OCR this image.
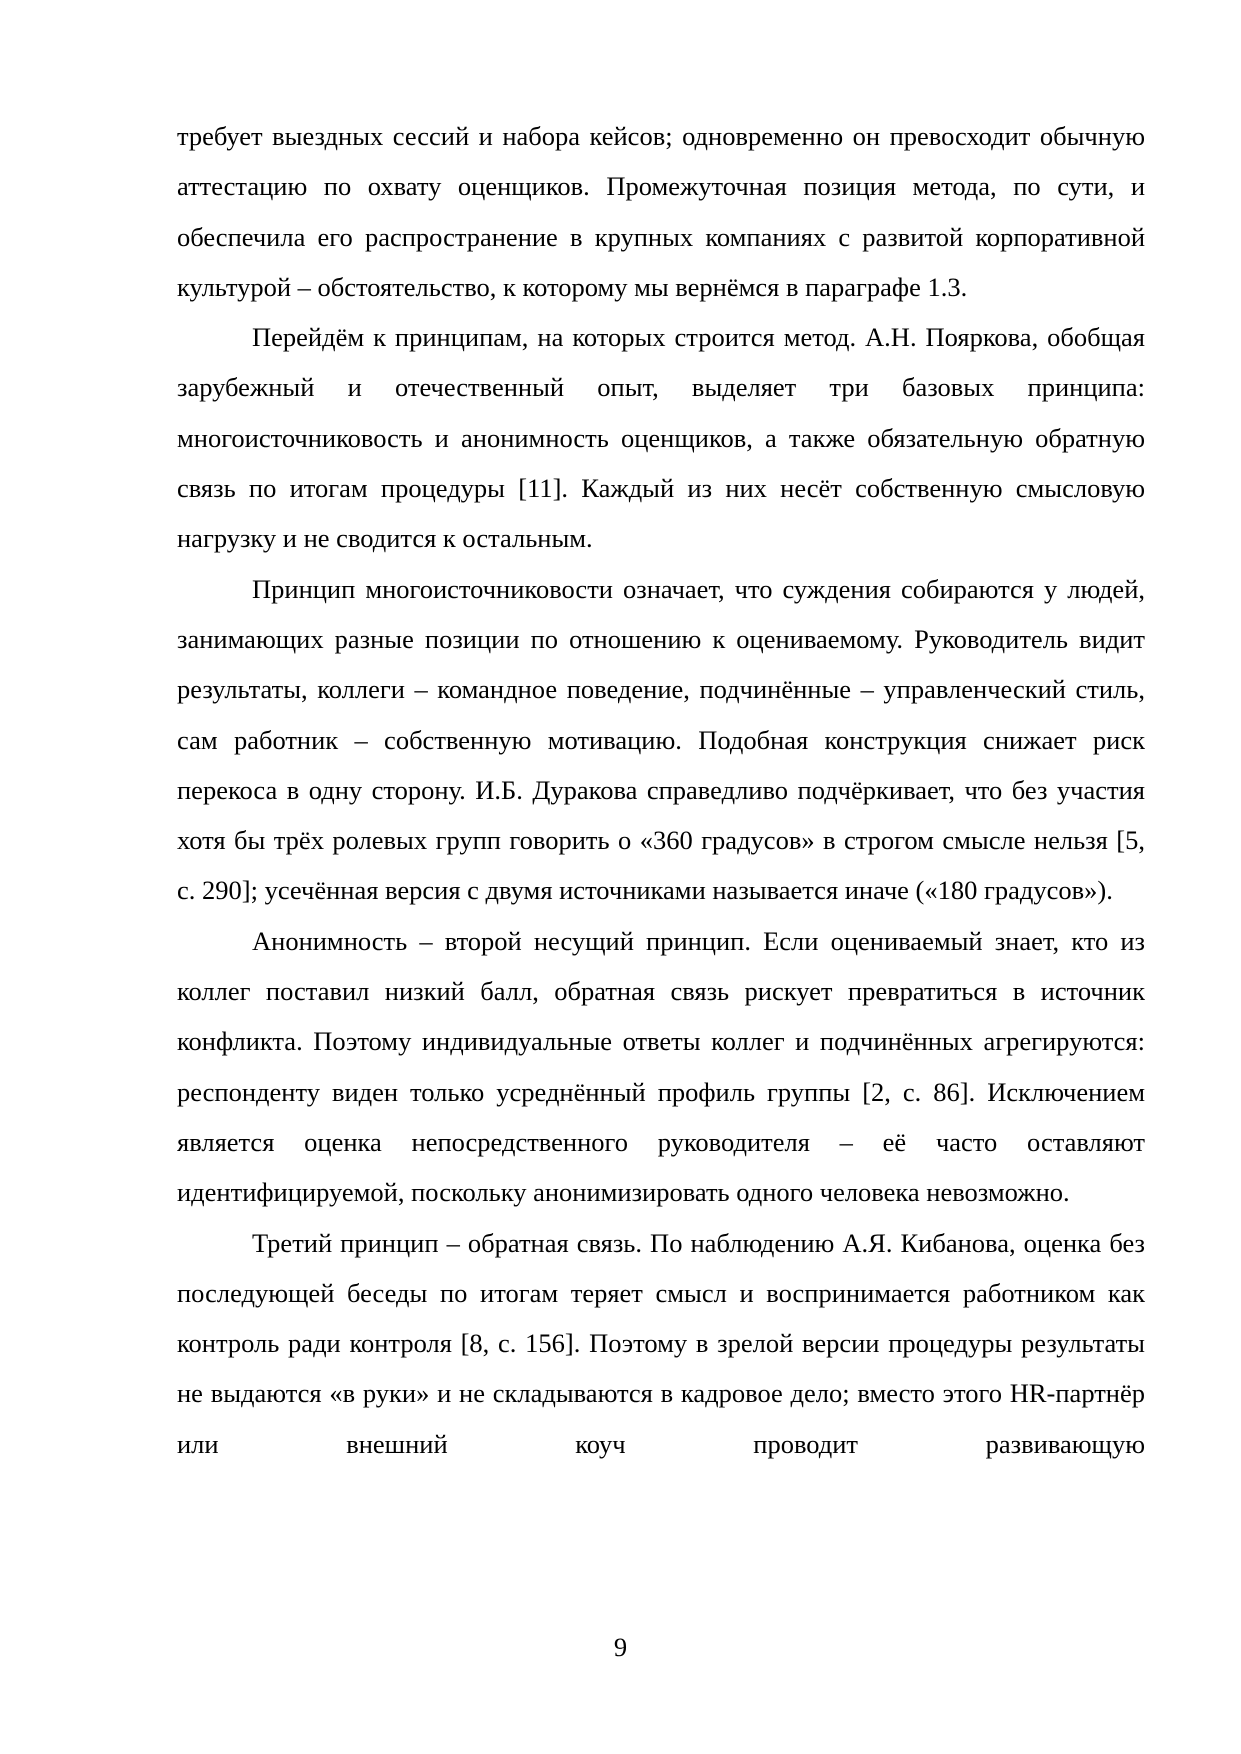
требует выездных сессий и набора кейсов; одновременно он превосходит обычную аттестацию по охвату оценщиков. Промежуточная позиция метода, по сути, и обеспечила его распространение в крупных компаниях с развитой корпоративной культурой – обстоятельство, к которому мы вернёмся в параграфе 1.3.

Перейдём к принципам, на которых строится метод. А.Н. Пояркова, обобщая зарубежный и отечественный опыт, выделяет три базовых принципа: многоисточниковость и анонимность оценщиков, а также обязательную обратную связь по итогам процедуры [11]. Каждый из них несёт собственную смысловую нагрузку и не сводится к остальным.

Принцип многоисточниковости означает, что суждения собираются у людей, занимающих разные позиции по отношению к оцениваемому. Руководитель видит результаты, коллеги – командное поведение, подчинённые – управленческий стиль, сам работник – собственную мотивацию. Подобная конструкция снижает риск перекоса в одну сторону. И.Б. Дуракова справедливо подчёркивает, что без участия хотя бы трёх ролевых групп говорить о «360 градусов» в строгом смысле нельзя [5, с. 290]; усечённая версия с двумя источниками называется иначе («180 градусов»).

Анонимность – второй несущий принцип. Если оцениваемый знает, кто из коллег поставил низкий балл, обратная связь рискует превратиться в источник конфликта. Поэтому индивидуальные ответы коллег и подчинённых агрегируются: респонденту виден только усреднённый профиль группы [2, с. 86]. Исключением является оценка непосредственного руководителя – её часто оставляют идентифицируемой, поскольку анонимизировать одного человека невозможно.

Третий принцип – обратная связь. По наблюдению А.Я. Кибанова, оценка без последующей беседы по итогам теряет смысл и воспринимается работником как контроль ради контроля [8, с. 156]. Поэтому в зрелой версии процедуры результаты не выдаются «в руки» и не складываются в кадровое дело; вместо этого HR-партнёр или внешний коуч проводит развивающую

9
